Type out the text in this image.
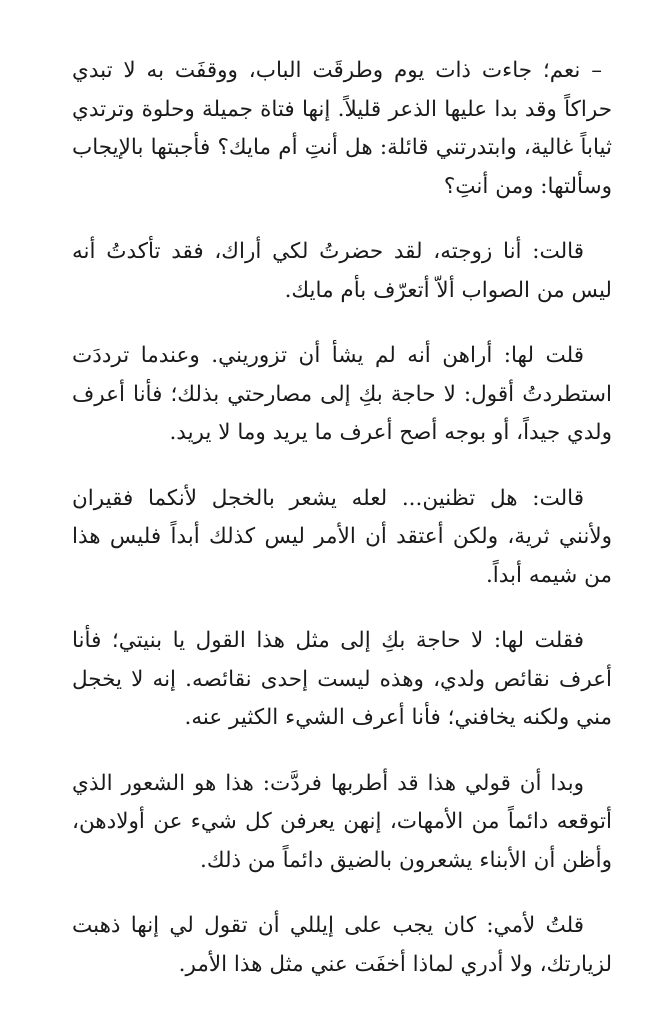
– نعم؛ جاءت ذات يوم وطرقَت الباب، ووقفَت به لا تبدي حراكاً وقد بدا عليها الذعر قليلاً. إنها فتاة جميلة وحلوة وترتدي ثياباً غالية، وابتدرتني قائلة: هل أنتِ أم مايك؟ فأجبتها بالإيجاب وسألتها: ومن أنتِ؟

قالت: أنا زوجته، لقد حضرتُ لكي أراك، فقد تأكدتُ أنه ليس من الصواب ألاّ أتعرّف بأم مايك.

قلت لها: أراهن أنه لم يشأ أن تزوريني. وعندما ترددَت استطردتُ أقول: لا حاجة بكِ إلى مصارحتي بذلك؛ فأنا أعرف ولدي جيداً، أو بوجه أصح أعرف ما يريد وما لا يريد.

قالت: هل تظنين... لعله يشعر بالخجل لأنكما فقيران ولأنني ثرية، ولكن أعتقد أن الأمر ليس كذلك أبداً فليس هذا من شيمه أبداً.

فقلت لها: لا حاجة بكِ إلى مثل هذا القول يا بنيتي؛ فأنا أعرف نقائص ولدي، وهذه ليست إحدى نقائصه. إنه لا يخجل مني ولكنه يخافني؛ فأنا أعرف الشيء الكثير عنه.

وبدا أن قولي هذا قد أطربها فردَّت: هذا هو الشعور الذي أتوقعه دائماً من الأمهات، إنهن يعرفن كل شيء عن أولادهن، وأظن أن الأبناء يشعرون بالضيق دائماً من ذلك.

قلتُ لأمي: كان يجب على إيللي أن تقول لي إنها ذهبت لزيارتك، ولا أدري لماذا أخفَت عني مثل هذا الأمر.
